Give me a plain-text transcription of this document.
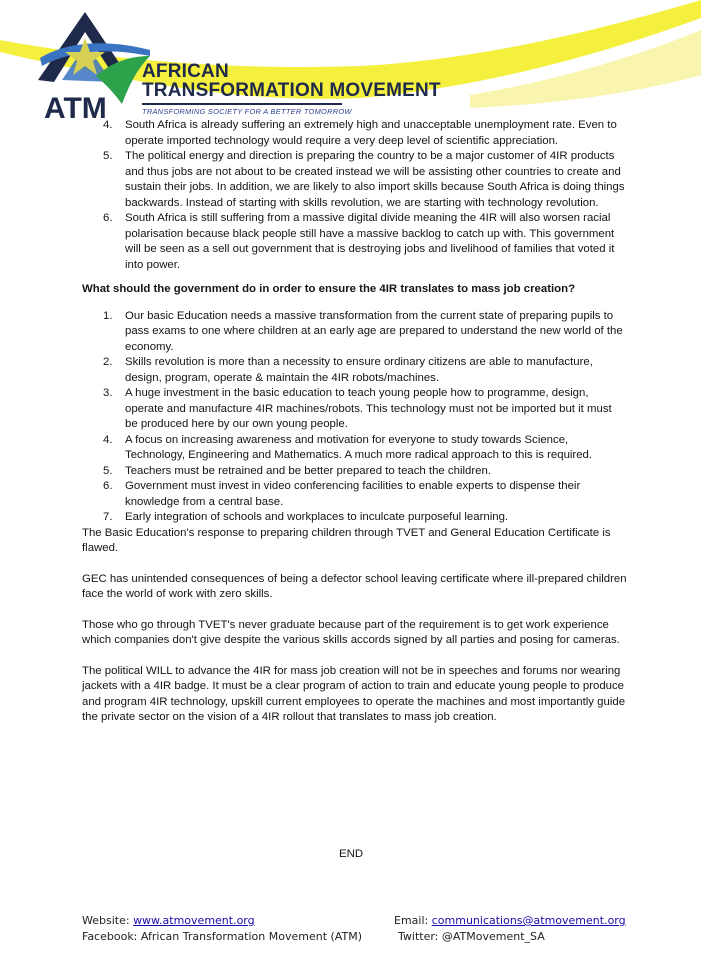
AFRICAN
TRANSFORMATION MOVEMENT
TRANSFORMING SOCIETY FOR A BETTER TOMORROW
ATM
4. South Africa is already suffering an extremely high and unacceptable unemployment rate. Even to operate imported technology would require a very deep level of scientific appreciation.
5. The political energy and direction is preparing the country to be a major customer of 4IR products and thus jobs are not about to be created instead we will be assisting other countries to create and sustain their jobs. In addition, we are likely to also import skills because South Africa is doing things backwards. Instead of starting with skills revolution, we are starting with technology revolution.
6. South Africa is still suffering from a massive digital divide meaning the 4IR will also worsen racial polarisation because black people still have a massive backlog to catch up with. This government will be seen as a sell out government that is destroying jobs and livelihood of families that voted it into power.
What should the government do in order to ensure the 4IR translates to mass job creation?
1. Our basic Education needs a massive transformation from the current state of preparing pupils to pass exams to one where children at an early age are prepared to understand the new world of the economy.
2. Skills revolution is more than a necessity to ensure ordinary citizens are able to manufacture, design, program, operate & maintain the 4IR robots/machines.
3. A huge investment in the basic education to teach young people how to programme, design, operate and manufacture 4IR machines/robots. This technology must not be imported but it must be produced here by our own young people.
4. A focus on increasing awareness and motivation for everyone to study towards Science, Technology, Engineering and Mathematics. A much more radical approach to this is required.
5. Teachers must be retrained and be better prepared to teach the children.
6. Government must invest in video conferencing facilities to enable experts to dispense their knowledge from a central base.
7. Early integration of schools and workplaces to inculcate purposeful learning.

The Basic Education's response to preparing children through TVET and General Education Certificate is flawed.

GEC has unintended consequences of being a defector school leaving certificate where ill-prepared children face the world of work with zero skills.

Those who go through TVET's never graduate because part of the requirement is to get work experience which companies don't give despite the various skills accords signed by all parties and posing for cameras.

The political WILL to advance the 4IR for mass job creation will not be in speeches and forums nor wearing jackets with a 4IR badge. It must be a clear program of action to train and educate young people to produce and program 4IR technology, upskill current employees to operate the machines and most importantly guide the private sector on the vision of a 4IR rollout that translates to mass job creation.

END
Website: www.atmovement.org	Email: communications@atmovement.org
Facebook: African Transformation Movement (ATM)	Twitter: @ATMovement_SA
